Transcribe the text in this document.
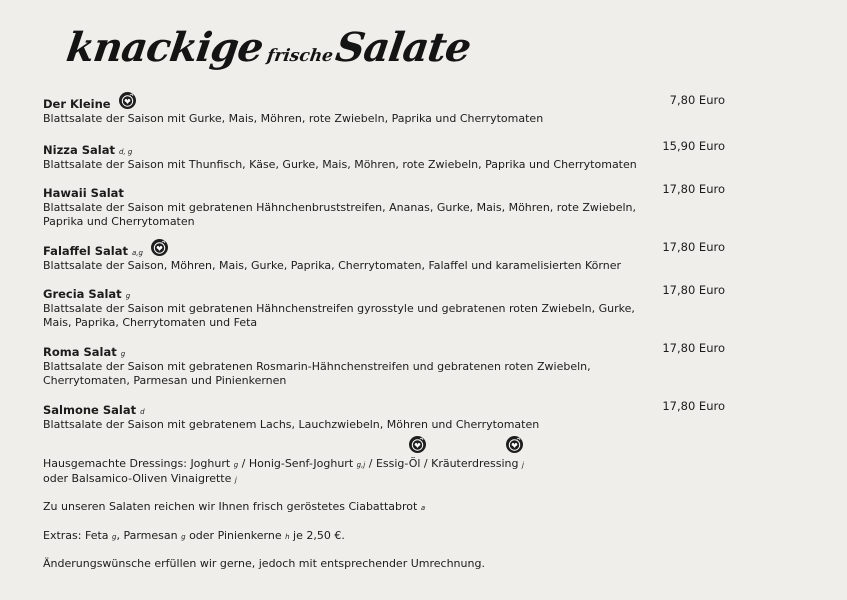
knackigefrischeSalate
Der Kleine
Blattsalate der Saison mit Gurke, Mais, Möhren, rote Zwiebeln, Paprika und Cherrytomaten
7,80 Euro
Nizza Salat d, g
Blattsalate der Saison mit Thunfisch, Käse, Gurke, Mais, Möhren, rote Zwiebeln, Paprika und Cherrytomaten
15,90 Euro
Hawaii Salat
Blattsalate der Saison mit gebratenen Hähnchenbruststreifen, Ananas, Gurke, Mais, Möhren, rote Zwiebeln,
Paprika und Cherrytomaten
17,80 Euro
Falaffel Salat a,g
Blattsalate der Saison, Möhren, Mais, Gurke, Paprika, Cherrytomaten, Falaffel und karamelisierten Körner
17,80 Euro
Grecia Salat g
Blattsalate der Saison mit gebratenen Hähnchenstreifen gyrosstyle und gebratenen roten Zwiebeln, Gurke,
Mais, Paprika, Cherrytomaten und Feta
17,80 Euro
Roma Salat g
Blattsalate der Saison mit gebratenen Rosmarin-Hähnchenstreifen und gebratenen roten Zwiebeln,
Cherrytomaten, Parmesan und Pinienkernen
17,80 Euro
Salmone Salat d
Blattsalate der Saison mit gebratenem Lachs, Lauchzwiebeln, Möhren und Cherrytomaten
17,80 Euro
Hausgemachte Dressings: Joghurt g / Honig-Senf-Joghurt g,j / Essig-Öl / Kräuterdressing j
oder Balsamico-Oliven Vinaigrette j
Zu unseren Salaten reichen wir Ihnen frisch geröstetes Ciabattabrot a
Extras: Feta g, Parmesan g oder Pinienkerne h je 2,50 €.
Änderungswünsche erfüllen wir gerne, jedoch mit entsprechender Umrechnung.
